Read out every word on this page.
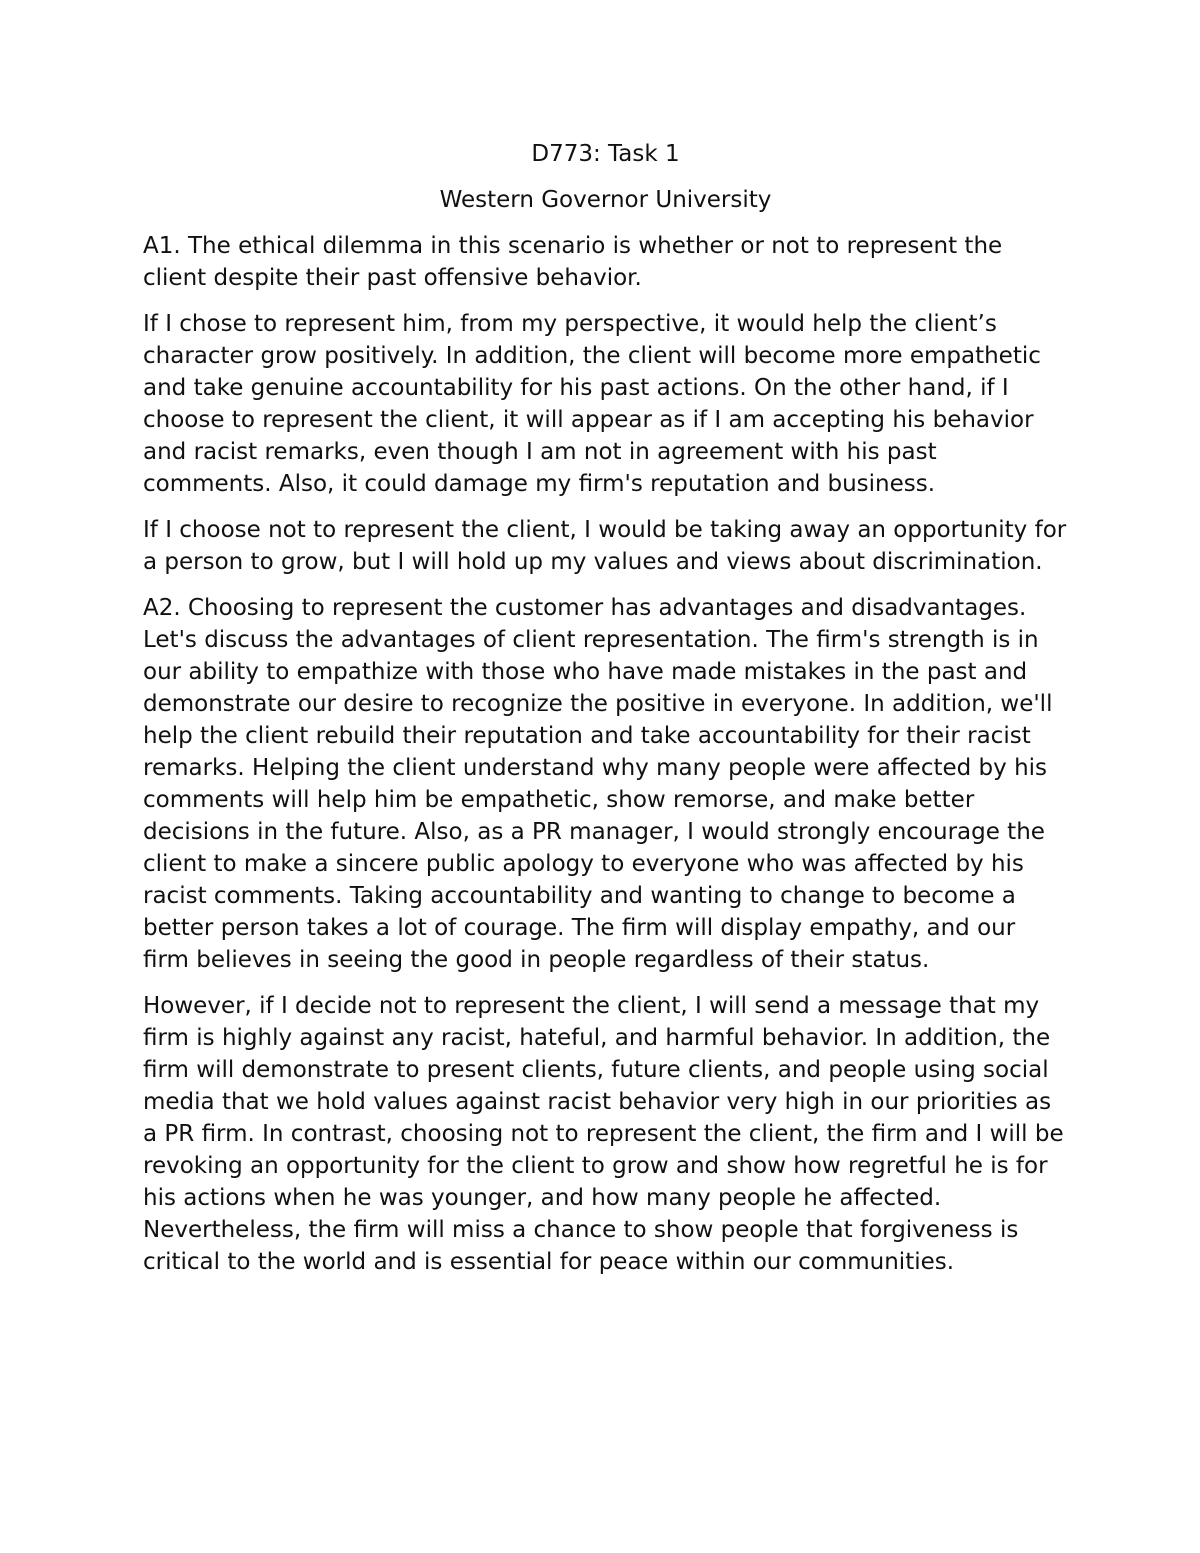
D773: Task 1

Western Governor University

A1. The ethical dilemma in this scenario is whether or not to represent the client despite their past offensive behavior.

If I chose to represent him, from my perspective, it would help the client’s character grow positively. In addition, the client will become more empathetic and take genuine accountability for his past actions. On the other hand, if I choose to represent the client, it will appear as if I am accepting his behavior and racist remarks, even though I am not in agreement with his past comments. Also, it could damage my firm's reputation and business.

If I choose not to represent the client, I would be taking away an opportunity for a person to grow, but I will hold up my values and views about discrimination.

A2. Choosing to represent the customer has advantages and disadvantages. Let's discuss the advantages of client representation. The firm's strength is in our ability to empathize with those who have made mistakes in the past and demonstrate our desire to recognize the positive in everyone. In addition, we'll help the client rebuild their reputation and take accountability for their racist remarks. Helping the client understand why many people were affected by his comments will help him be empathetic, show remorse, and make better decisions in the future. Also, as a PR manager, I would strongly encourage the client to make a sincere public apology to everyone who was affected by his racist comments. Taking accountability and wanting to change to become a better person takes a lot of courage. The firm will display empathy, and our firm believes in seeing the good in people regardless of their status.

However, if I decide not to represent the client, I will send a message that my firm is highly against any racist, hateful, and harmful behavior. In addition, the firm will demonstrate to present clients, future clients, and people using social media that we hold values against racist behavior very high in our priorities as a PR firm. In contrast, choosing not to represent the client, the firm and I will be revoking an opportunity for the client to grow and show how regretful he is for his actions when he was younger, and how many people he affected. Nevertheless, the firm will miss a chance to show people that forgiveness is critical to the world and is essential for peace within our communities.
